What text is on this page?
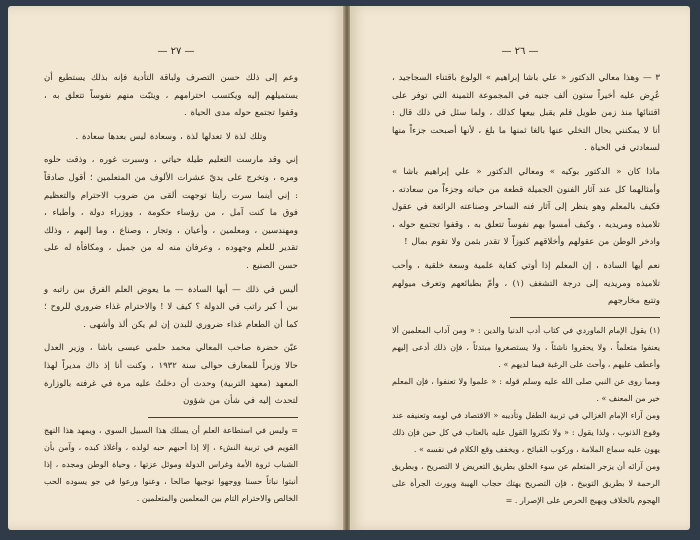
— ٢٧ —

وعم إلى ذلك حسن التصرف ولباقة التأدية فإنه بذلك يستطيع أن يستميلهم إليه ويكتسب احترامهم ، ويثبّت منهم نفوساً تتعلق به ، وقفوا تجتمع حوله مدى الحياة .

وتلك لذة لا تعدلها لذة ، وسعادة ليس بعدها سعادة .

إني وقد مارست التعليم طيلة حياتي ، وسبرت غوره ، وذقت حلوه ومره ، وتخرج على يديّ عشرات الألوف من المتعلمين ؛ أقول صادقاً : إني أينما سرت رأيتا توجهت ألقى من ضروب الاحترام والتعظيم فوق ما كنت آمل ، من رؤساء حكومة ، ووزراء دولة ، وأطباء ، ومهندسين ، ومعلمين ، وأعيان ، وتجار ، وصناع ، وما إليهم ، وذلك تقدير للعلم وجهوده ، وعرفان منه له من جميل ، ومكافأة له على حسن الصنيع .

أليس في ذلك — أيها السادة — ما يعوض العلم الفرق بين راتبه و بين أ كبر راتب في الدولة ؟ كيف لا ! والاحترام غذاء ضروري للروح ؛ كما أن الطعام غذاء ضروري للبدن إن لم يكن ألذ وأشهى .

عيّن حضرة صاحب المعالي محمد حلمي عيسى باشا ، وزير العدل حالا وزيراً للمعارف حوالى سنة ١٩٣٢ ، وكنت أنا إذ ذاك مديراً لهذا المعهد (معهد التربية) وحدث أن دخلتُ عليه مرة في غرفته بالوزارة لتحدث إليه في شأن من شؤون

= وليس في استطاعة العلم أن يسلك هذا السبيل السوي ، ويمهد هذا النهج القويم في تربية النشء ، إلا إذا أحبهم حبه لولده ، وأغلاذ كبده ، وآمن بأن الشباب ثروة الأمة وغراس الدولة وموئل عزتها ، وحياة الوطن ومجده ، إذا أنبتوا نباتاً حسنا ووجهوا توجيها صالحا ، وعنوا ورعوا في جو يسوده الحب الخالص والاحترام التام بين المعلمين والمتعلمين .

— ٢٦ —

٣ — وهذا معالي الدكتور « علي باشا إبراهيم » الولوع باقتناء السجاجيد ، عُرِض عليه أخيراً ستون ألف جنيه في المجموعة الثمينة التي توفر على اقتنائها منذ زمن طويل فلم يقبل بيعها كذلك ، ولما سئل في ذلك قال : أنا لا يمكنني بحال التخلي عنها بالغا ثمنها ما بلغ ، لأنها أصبحت جزءاً منها لسعادتي في الحياة .

ماذا كان « الدكتور بوكيه » ومعالي الدكتور « علي إبراهيم باشا » وأمثالهما كل عند آثار الفنون الجميلة قطعة من حياته وجزءاً من سعادته ، فكيف بالمعلم وهو ينظر إلى آثار فنه الساحر وصناعته الرائعة في عقول تلاميذه ومريديه ، وكيف أمسوا بهم نفوساً تتعلق به ، وقفوا تجتمع حوله ، وادخر الوطن من عقولهم وأخلاقهم كنوزاً لا تقدر بثمن ولا تقوم بمال !

نعم أيها السادة ، إن المعلم إذا أوتي كفاية علمية وسعة خلقية ، وأحب تلاميذه ومريديه إلى درجة التشغف (١) ، وأمّ بطبائعهم وتعرف ميولهم وتتبع مخارجهم

(١) يقول الإمام الماوردي في كتاب أدب الدنيا والدين : « ومن آداب المعلمين ألا يعنفوا متعلماً ، ولا يحقروا ناشئاً ، ولا يستصغروا مبتدئاً ، فإن ذلك أدعى إليهم وأعطف عليهم ، وأحث على الرغبة فيما لديهم » .

ومما روى عن النبي صلى الله عليه وسلم قوله : « علموا ولا تعنفوا ، فإن المعلم خير من المعنف » .

ومن آراء الإمام الغزالي في تربية الطفل وتأديبه « الاقتصاد في لومه وتعنيفه عند وقوع الذنوب ، ولذا يقول : « ولا تكثروا القول عليه بالعتاب في كل حين فإن ذلك يهون عليه سماع الملامة ، وركوب القبائح ، ويخفف وقع الكلام في نفسه » .

ومن آرائه أن يزجر المتعلم عن سوء الخلق بطريق التعريض لا التصريح ، وبطريق الرحمة لا بطريق التوبيخ ، فإن التصريح يهتك حجاب الهيبة ويورث الجرأة على الهجوم بالخلاف ويهيج الحرص على الإصرار . =
